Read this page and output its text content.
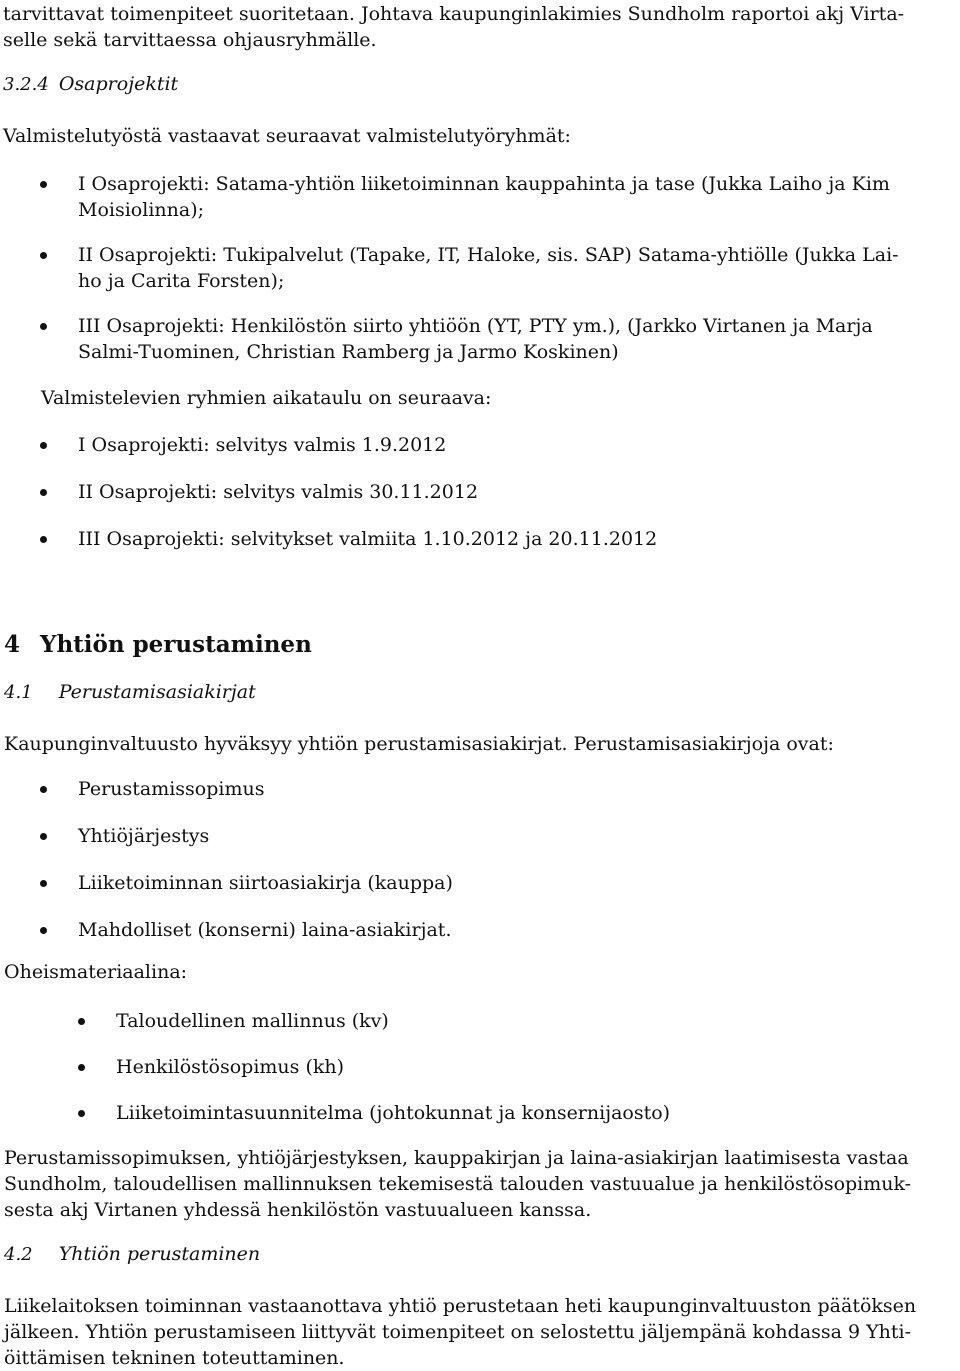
tarvittavat toimenpiteet suoritetaan. Johtava kaupunginlakimies Sundholm raportoi akj Virta-
selle sekä tarvittaessa ohjausryhmälle.
3.2.4 Osaprojektit
Valmistelutyöstä vastaavat seuraavat valmistelutyöryhmät:
I Osaprojekti: Satama-yhtiön liiketoiminnan kauppahinta ja tase (Jukka Laiho ja Kim
Moisiolinna);
II Osaprojekti: Tukipalvelut (Tapake, IT, Haloke, sis. SAP) Satama-yhtiölle (Jukka Lai-
ho ja Carita Forsten);
III Osaprojekti: Henkilöstön siirto yhtiöön (YT, PTY ym.), (Jarkko Virtanen ja Marja
Salmi-Tuominen, Christian Ramberg ja Jarmo Koskinen)
Valmistelevien ryhmien aikataulu on seuraava:
I Osaprojekti: selvitys valmis 1.9.2012
II Osaprojekti: selvitys valmis 30.11.2012
III Osaprojekti: selvitykset valmiita 1.10.2012 ja 20.11.2012
4 Yhtiön perustaminen
4.1 Perustamisasiakirjat
Kaupunginvaltuusto hyväksyy yhtiön perustamisasiakirjat. Perustamisasiakirjoja ovat:
Perustamissopimus
Yhtiöjärjestys
Liiketoiminnan siirtoasiakirja (kauppa)
Mahdolliset (konserni) laina-asiakirjat.
Oheismateriaalina:
Taloudellinen mallinnus (kv)
Henkilöstösopimus (kh)
Liiketoimintasuunnitelma (johtokunnat ja konsernijaosto)
Perustamissopimuksen, yhtiöjärjestyksen, kauppakirjan ja laina-asiakirjan laatimisesta vastaa
Sundholm, taloudellisen mallinnuksen tekemisestä talouden vastuualue ja henkilöstösopimuk-
sesta akj Virtanen yhdessä henkilöstön vastuualueen kanssa.
4.2 Yhtiön perustaminen
Liikelaitoksen toiminnan vastaanottava yhtiö perustetaan heti kaupunginvaltuuston päätöksen
jälkeen. Yhtiön perustamiseen liittyvät toimenpiteet on selostettu jäljempänä kohdassa 9 Yhti-
öittämisen tekninen toteuttaminen.
